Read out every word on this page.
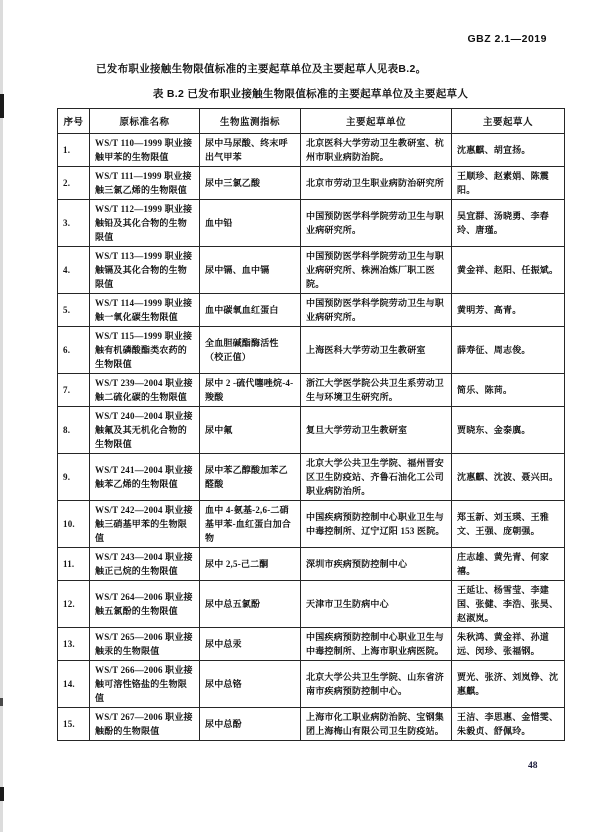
GBZ 2.1—2019
已发布职业接触生物限值标准的主要起草单位及主要起草人见表B.2。
表 B.2 已发布职业接触生物限值标准的主要起草单位及主要起草人
序号	原标准名称	生物监测指标	主要起草单位	主要起草人
1.	WS/T 110—1999 职业接触甲苯的生物限值	尿中马尿酸、终末呼出气甲苯	北京医科大学劳动卫生教研室、杭州市职业病防治院。	沈惠麒、胡宣扬。
2.	WS/T 111—1999 职业接触三氯乙烯的生物限值	尿中三氯乙酸	北京市劳动卫生职业病防治研究所	王顺珍、赵素娟、陈震阳。
3.	WS/T 112—1999 职业接触铅及其化合物的生物限值	血中铅	中国预防医学科学院劳动卫生与职业病研究所。	吴宜群、汤晓勇、李春玲、唐瑾。
4.	WS/T 113—1999 职业接触镉及其化合物的生物限值	尿中镉、血中镉	中国预防医学科学院劳动卫生与职业病研究所、株洲冶炼厂职工医院。	黄金祥、赵阳、任振斌。
5.	WS/T 114—1999 职业接触一氧化碳生物限值	血中碳氧血红蛋白	中国预防医学科学院劳动卫生与职业病研究所。	黄明芳、高青。
6.	WS/T 115—1999 职业接触有机磷酸酯类农药的生物限值	全血胆碱酯酶活性（校正值）	上海医科大学劳动卫生教研室	薛寿征、周志俊。
7.	WS/T 239—2004 职业接触二硫化碳的生物限值	尿中 2 -硫代噻唑烷-4-羧酸	浙江大学医学院公共卫生系劳动卫生与环境卫生研究所。	简乐、陈苘。
8.	WS/T 240—2004 职业接触氟及其无机化合物的生物限值	尿中氟	复旦大学劳动卫生教研室	贾晓东、金泰廙。
9.	WS/T 241—2004 职业接触苯乙烯的生物限值	尿中苯乙醇酸加苯乙醛酸	北京大学公共卫生学院、福州晋安区卫生防疫站、齐鲁石油化工公司职业病防治所。	沈惠麒、沈波、聂兴田。
10.	WS/T 242—2004 职业接触三硝基甲苯的生物限值	血中 4-氨基-2,6-二硝基甲苯-血红蛋白加合物	中国疾病预防控制中心职业卫生与中毒控制所、辽宁辽阳 153 医院。	郑玉新、刘玉瑛、王雅文、王强、庞朝强。
11.	WS/T 243—2004 职业接触正己烷的生物限值	尿中 2,5-己二酮	深圳市疾病预防控制中心	庄志雄、黄先青、何家禧。
12.	WS/T 264—2006 职业接触五氯酚的生物限值	尿中总五氯酚	天津市卫生防病中心	王延让、杨雪莹、李建国、张健、李浩、张昊、赵淑岚。
13.	WS/T 265—2006 职业接触汞的生物限值	尿中总汞	中国疾病预防控制中心职业卫生与中毒控制所、上海市职业病医院。	朱秋鸿、黄金祥、孙道远、闵珍、张福钢。
14.	WS/T 266—2006 职业接触可溶性铬盐的生物限值	尿中总铬	北京大学公共卫生学院、山东省济南市疾病预防控制中心。	贾光、张济、刘岚铮、沈惠麒。
15.	WS/T 267—2006 职业接触酚的生物限值	尿中总酚	上海市化工职业病防治院、宝钢集团上海梅山有限公司卫生防疫站。	王洁、李思惠、金惜雯、朱毅贞、舒佩玲。
48
